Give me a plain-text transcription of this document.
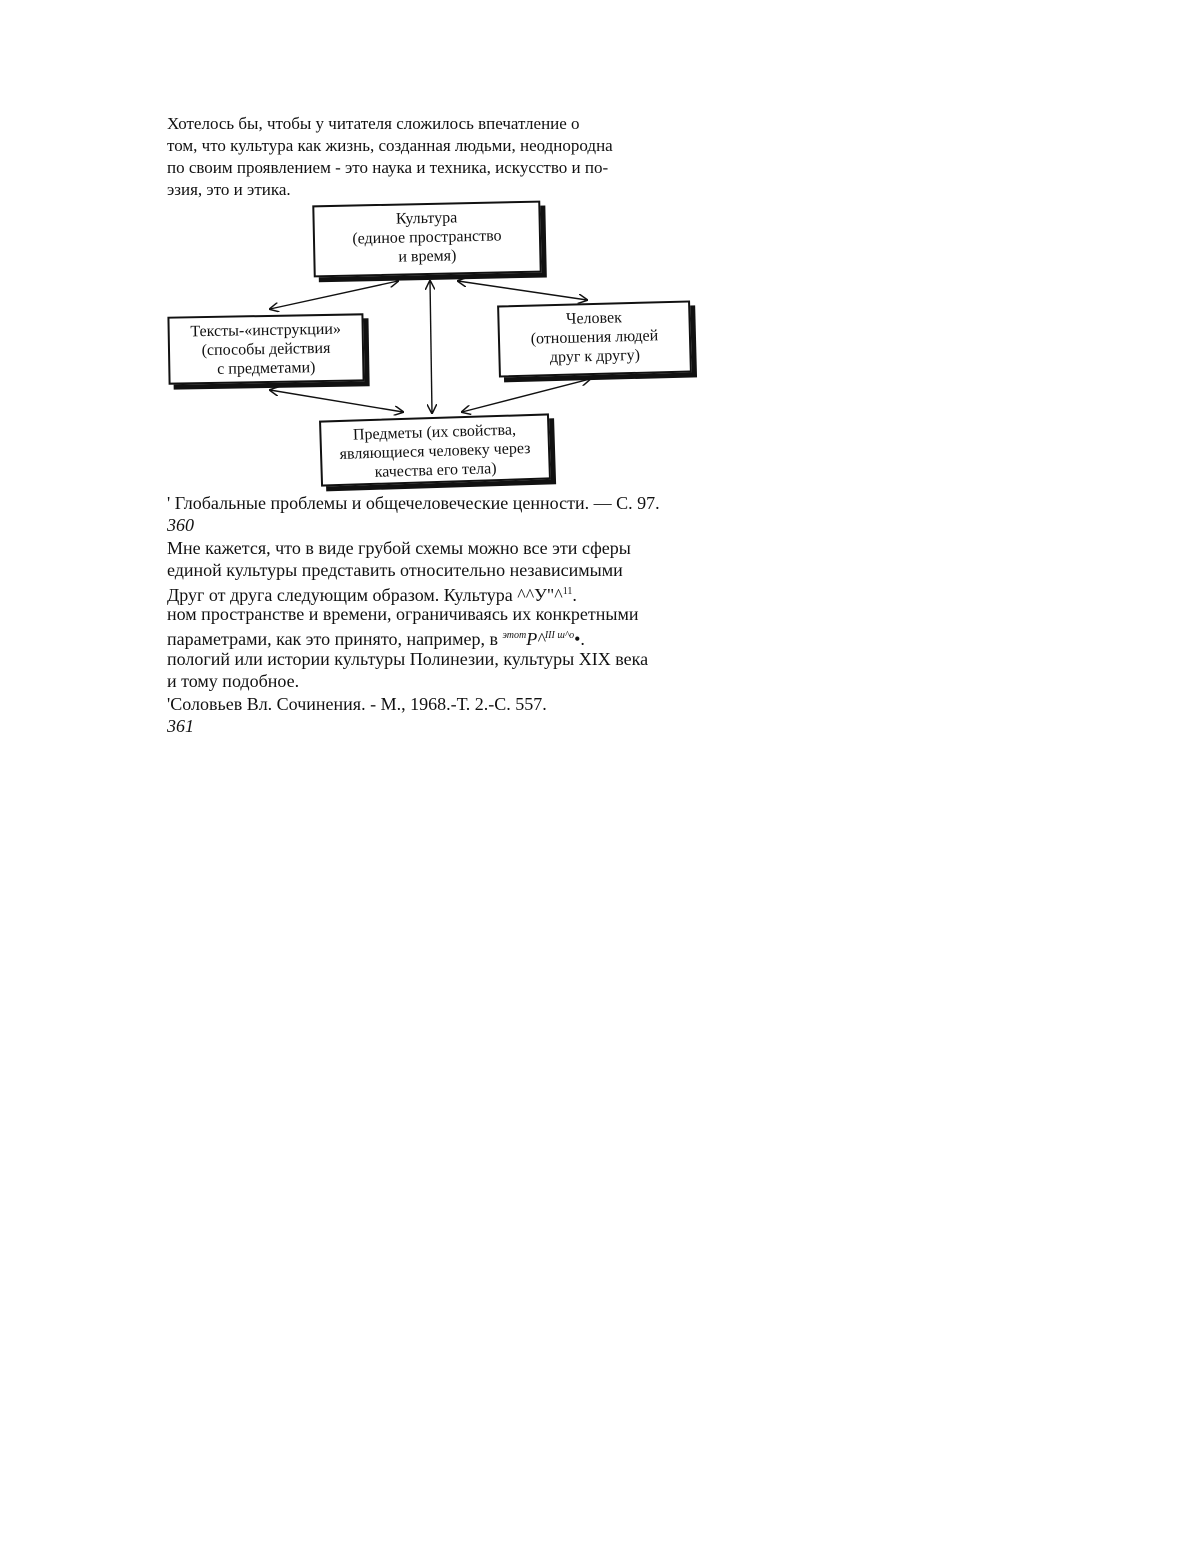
Хотелось бы, чтобы у читателя сложилось впечатление о
том, что культура как жизнь, созданная людьми, неоднородна
по своим проявлением - это наука и техника, искусство и по-
эзия, это и этика.
Культура
(единое пространство
и время)
Тексты-«инструкции»
(способы действия
с предметами)
Человек
(отношения людей
друг к другу)
Предметы (их свойства,
являющиеся человеку через
качества его тела)
' Глобальные проблемы и общечеловеческие ценности. — С. 97.
360
Мне кажется, что в виде грубой схемы можно все эти сферы
единой культуры представить относительно независимыми
Друг от друга следующим образом. Культура ^^У"^$^{11}$.
ном пространстве и времени, ограничиваясь их конкретными
параметрами, как это принято, например, в $^{этот}$P^$^{III ш\^{}о}$•.
пологий или истории культуры Полинезии, культуры XIX века
и тому подобное.
'Соловьев Вл. Сочинения. - М., 1968.-Т. 2.-С. 557.
361
